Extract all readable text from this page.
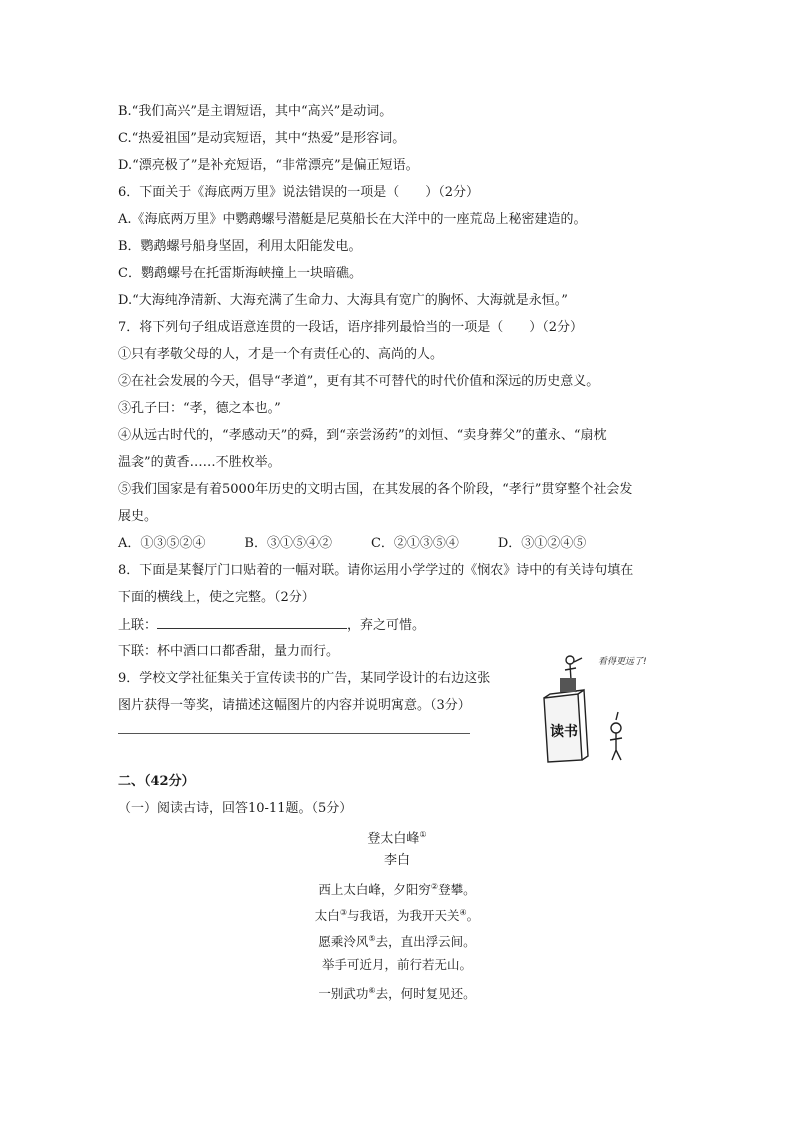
B.“我们高兴”是主谓短语，其中“高兴”是动词。
C.“热爱祖国”是动宾短语，其中“热爱”是形容词。
D.“漂亮极了”是补充短语，“非常漂亮”是偏正短语。
6．下面关于《海底两万里》说法错误的一项是（　　）（2分）
A.《海底两万里》中鹦鹉螺号潜艇是尼莫船长在大洋中的一座荒岛上秘密建造的。
B．鹦鹉螺号船身坚固，利用太阳能发电。
C．鹦鹉螺号在托雷斯海峡撞上一块暗礁。
D.“大海纯净清新、大海充满了生命力、大海具有宽广的胸怀、大海就是永恒。”
7．将下列句子组成语意连贯的一段话，语序排列最恰当的一项是（　　）（2分）
①只有孝敬父母的人，才是一个有责任心的、高尚的人。
②在社会发展的今天，倡导“孝道”，更有其不可替代的时代价值和深远的历史意义。
③孔子曰：“孝，德之本也。”
④从远古时代的，“孝感动天”的舜，到“亲尝汤药”的刘恒、“卖身葬父”的董永、“扇枕
温衾”的黄香……不胜枚举。
⑤我们国家是有着5000年历史的文明古国，在其发展的各个阶段，“孝行”贯穿整个社会发
展史。
A．①③⑤②④　　　B．③①⑤④②　　　C．②①③⑤④　　　D．③①②④⑤
8．下面是某餐厅门口贴着的一幅对联。请你运用小学学过的《悯农》诗中的有关诗句填在
下面的横线上，使之完整。（2分）
上联：	，弃之可惜。
下联：杯中酒口口都香甜，量力而行。
9．学校文学社征集关于宣传读书的广告，某同学设计的右边这张
图片获得一等奖，请描述这幅图片的内容并说明寓意。（3分）
二、（42分）
（一）阅读古诗，回答10-11题。（5分）
登太白峰①
李白
西上太白峰，夕阳穷②登攀。
太白③与我语，为我开天关④。
愿乘泠风⑤去，直出浮云间。
举手可近月，前行若无山。
一别武功⑥去，何时复见还。
看得更远了!
读书
